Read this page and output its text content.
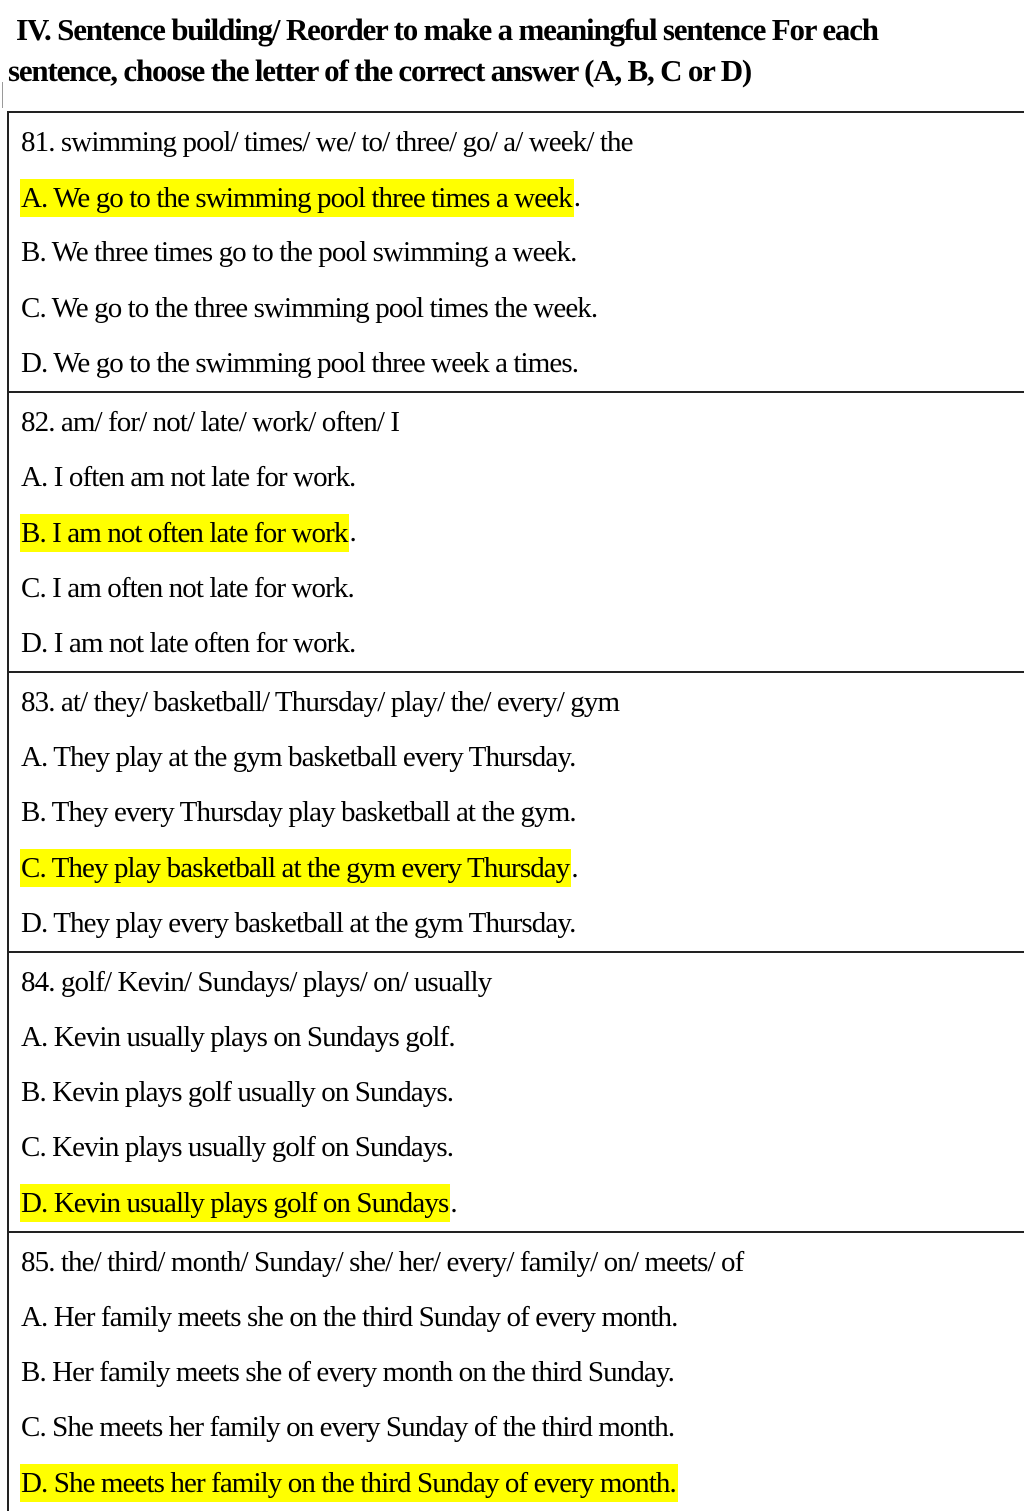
IV. Sentence building/ Reorder to make a meaningful sentence For each
sentence, choose the letter of the correct answer (A, B, C or D)
81. swimming pool/ times/ we/ to/ three/ go/ a/ week/ the
A. We go to the swimming pool three times a week .
B. We three times go to the pool swimming a week.
C. We go to the three swimming pool times the week.
D. We go to the swimming pool three week a times.
82. am/ for/ not/ late/ work/ often/ I
A. I often am not late for work.
B. I am not often late for work .
C. I am often not late for work.
D. I am not late often for work.
83. at/ they/ basketball/ Thursday/ play/ the/ every/ gym
A. They play at the gym basketball every Thursday.
B. They every Thursday play basketball at the gym.
C. They play basketball at the gym every Thursday .
D. They play every basketball at the gym Thursday.
84. golf/ Kevin/ Sundays/ plays/ on/ usually
A. Kevin usually plays on Sundays golf.
B. Kevin plays golf usually on Sundays.
C. Kevin plays usually golf on Sundays.
D. Kevin usually plays golf on Sundays .
85. the/ third/ month/ Sunday/ she/ her/ every/ family/ on/ meets/ of
A. Her family meets she on the third Sunday of every month.
B. Her family meets she of every month on the third Sunday.
C. She meets her family on every Sunday of the third month.
D. She meets her family on the third Sunday of every month.
